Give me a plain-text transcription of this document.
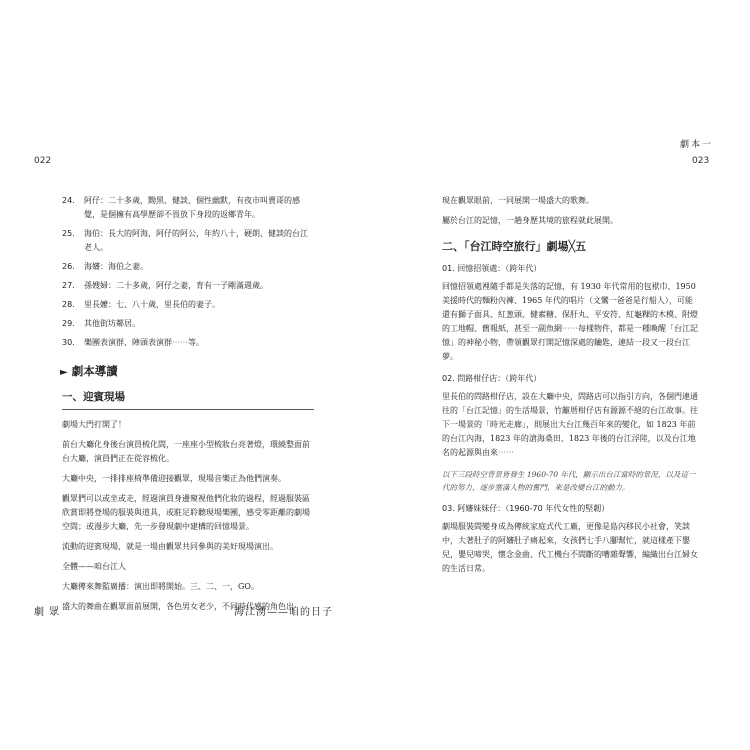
劇本一
022	023
24.	阿仔：二十多歲，黝黑、健談、個性幽默，有夜市叫賣哥的感覺，是個擁有高學歷卻不畏放下身段的返鄉青年。
25.	海伯：長大的阿海，阿仔的阿公，年約八十，硬朗、健談的台江老人。
26.	海嬸：海伯之妻。
27.	孫嫂婦：二十多歲，阿仔之妻，育有一子剛滿週歲。
28.	里長嬤：七、八十歲，里長伯的妻子。
29.	其他街坊鄰居。
30.	樂團表演群、陣頭表演群⋯⋯等。
► 劇本導讀
一、迎賓現場

劇場大門打開了！

前台大廳化身後台演員梳化間，一座座小型梳妝台亮著燈，環繞整面前台大廳，演員們正在從容梳化。

大廳中央，一排排座椅準備迎接觀眾，現場音樂正為他們演奏。

觀眾們可以或坐或走，經過演員身邊窺視他們化妝的過程，經過服裝區欣賞即將登場的服裝與道具，或駐足聆聽現場樂團，感受零距離的劇場空間；或漫步大廳，先一步發現劇中建構的回憶場景。

流動的迎賓現場，就是一場由觀眾共同參與的美好現場演出。

全體——咱台江人

大廳傳來舞監廣播：演出即將開始。三、二、一，GO。

盛大的舞曲在觀眾面前展開，各色男女老少，不同時代感的角色出

現在觀眾眼前，一同展開一場盛大的歌舞。

屬於台江的記憶，一趟身歷其境的旅程就此展開。

二、「台江時空旅行」劇場╳五
01. 回憶招領處：（跨年代）

回憶招領處裡隨手都是失落的記憶，有 1930 年代常用的包袱巾、1950 美援時代的麵粉內褲、1965 年代的唱片（文鸞一爸爸是行船人），可能還有獅子面具、紅葱頭、健素糖、保肝丸、平安符、紅龜粿的木模、附燈的工地帽、舊報紙，甚至一副魚網⋯⋯每樣物件，都是一種喚醒「台江記憶」的神秘小物，帶領觀眾打開記憶深處的鑰匙，連結一段又一段台江夢。

02. 問路柑仔店：（跨年代）

里長伯的問路柑仔店，設在大廳中央，問路店可以指引方向，各個門連通往的「台江記憶」的生活場景，竹籬厝柑仔店有源源不絕的台江故事。往下一場景的「時光走廊」，則展出大台江幾百年來的變化，如 1823 年前的台江內海，1823 年的滄海桑田、1823 年後的台江浮陸，以及台江地名的起源與由來⋯⋯

以下三段時空背景皆發生 1960-70 年代，顯示出台江當時的景況，以及這一代的努力，逐步塞滿人物的奮鬥，來是改變台江的動力。

03. 阿嬸妹妹仔：（1960-70 年代女性的堅韌）

劇場服裝間變身成為傳統家庭式代工廠，更像是島內移民小社會，笑談中，大著肚子的阿嬸肚子痛起來，女孩們七手八腳幫忙，就這樣產下嬰兒，嬰兒啼哭，懷念金曲、代工機台不間斷的嘈雜聲響，編織出台江婦女的生活日常。

劇 眾	海江湧——咱的日子
